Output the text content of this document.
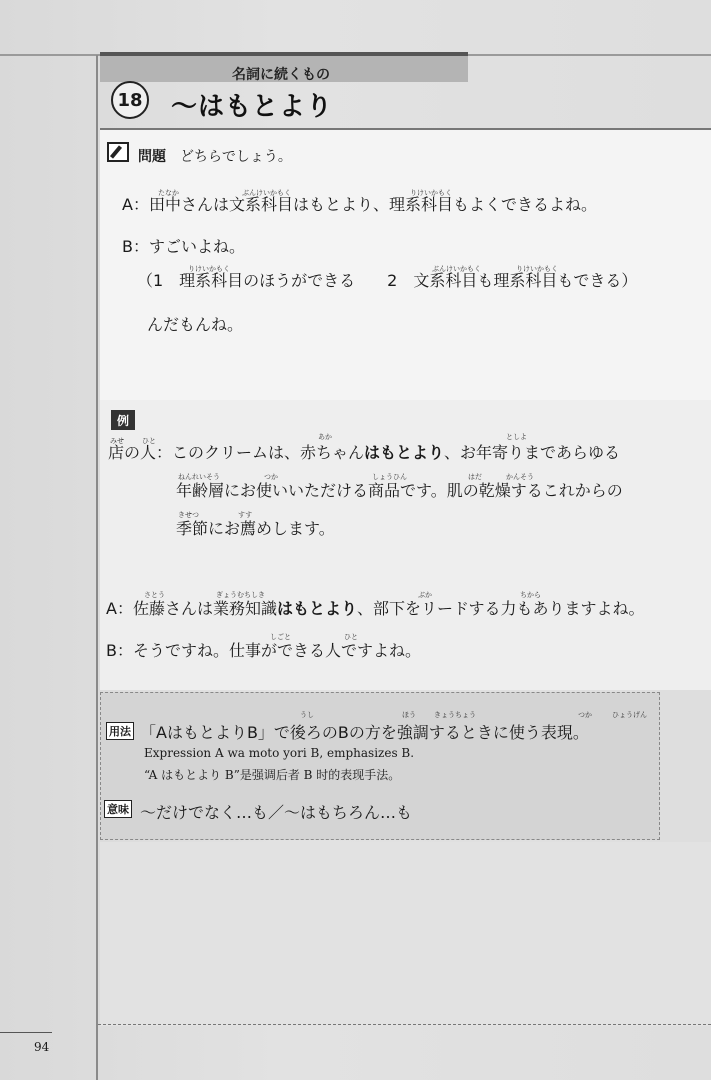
名詞に続くもの
18 〜はもとより
問題 どちらでしょう。
たなか	ぶんけいかもく	りけいかもく
A：田中さんは文系科目はもとより、理系科目もよくできるよね。
B：すごいよね。
りけいかもく	ぶんけいかもく	りけいかもく
（1　理系科目のほうができる　　2　文系科目も理系科目もできる）
んだもんね。
例
みせ	ひと	あか	としよ
店の人：このクリームは、赤ちゃんはもとより、お年寄りまであらゆる
ねんれいそう	つか	しょうひん	はだ	かんそう
年齢層にお使いいただける商品です。肌の乾燥するこれからの
きせつ	すす
季節にお薦めします。
さとう	ぎょうむちしき	ぶか	ちから
A：佐藤さんは業務知識はもとより、部下をリードする力もありますよね。
しごと	ひと
B：そうですね。仕事ができる人ですよね。
用法
うし	ほう	きょうちょう	つか	ひょうげん
「AはもとよりB」で後ろのBの方を強調するときに使う表現。
Expression A wa moto yori B, emphasizes B.
“A はもとより B”是强调后者 B 时的表现手法。
意味 〜だけでなく…も／〜はもちろん…も
94
